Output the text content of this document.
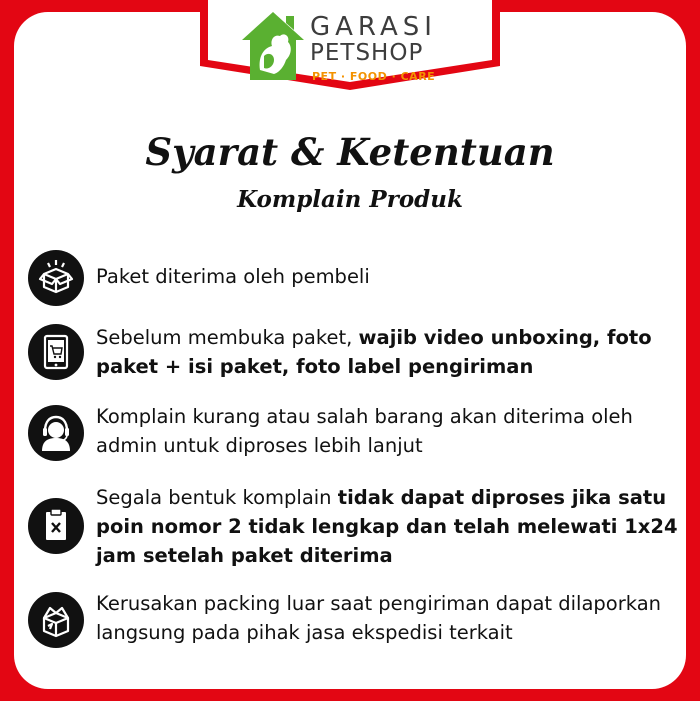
GARASI
PETSHOP
PET · FOOD · CARE
Syarat & Ketentuan
Komplain Produk
Paket diterima oleh pembeli
Sebelum membuka paket, wajib video unboxing, foto paket + isi paket, foto label pengiriman
Komplain kurang atau salah barang akan diterima oleh admin untuk diproses lebih lanjut
Segala bentuk komplain tidak dapat diproses jika satu poin nomor 2 tidak lengkap dan telah melewati 1x24 jam setelah paket diterima
Kerusakan packing luar saat pengiriman dapat dilaporkan langsung pada pihak jasa ekspedisi terkait
